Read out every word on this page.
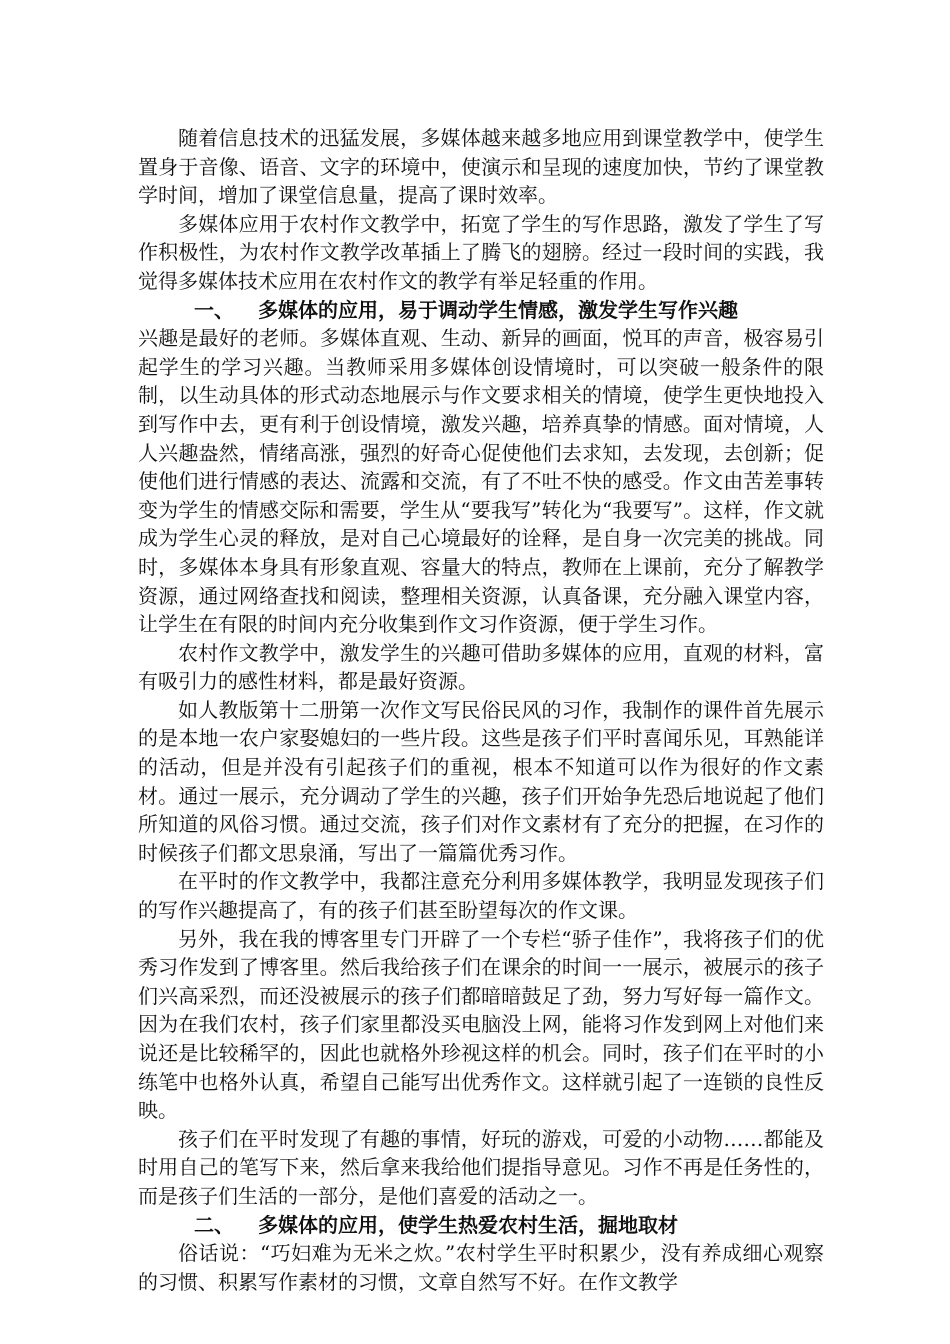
随着信息技术的迅猛发展，多媒体越来越多地应用到课堂教学中，使学生置身于音像、语音、文字的环境中，使演示和呈现的速度加快，节约了课堂教学时间，增加了课堂信息量，提高了课时效率。

多媒体应用于农村作文教学中，拓宽了学生的写作思路，激发了学生了写作积极性，为农村作文教学改革插上了腾飞的翅膀。经过一段时间的实践，我觉得多媒体技术应用在农村作文的教学有举足轻重的作用。

一、 多媒体的应用，易于调动学生情感，激发学生写作兴趣

兴趣是最好的老师。多媒体直观、生动、新异的画面，悦耳的声音，极容易引起学生的学习兴趣。当教师采用多媒体创设情境时，可以突破一般条件的限制，以生动具体的形式动态地展示与作文要求相关的情境，使学生更快地投入到写作中去，更有利于创设情境，激发兴趣，培养真挚的情感。面对情境，人人兴趣盎然，情绪高涨，强烈的好奇心促使他们去求知，去发现，去创新；促使他们进行情感的表达、流露和交流，有了不吐不快的感受。作文由苦差事转变为学生的情感交际和需要，学生从“要我写”转化为“我要写”。这样，作文就成为学生心灵的释放，是对自己心境最好的诠释，是自身一次完美的挑战。同时，多媒体本身具有形象直观、容量大的特点，教师在上课前，充分了解教学资源，通过网络查找和阅读，整理相关资源，认真备课，充分融入课堂内容，让学生在有限的时间内充分收集到作文习作资源，便于学生习作。

农村作文教学中，激发学生的兴趣可借助多媒体的应用，直观的材料，富有吸引力的感性材料，都是最好资源。

如人教版第十二册第一次作文写民俗民风的习作，我制作的课件首先展示的是本地一农户家娶媳妇的一些片段。这些是孩子们平时喜闻乐见，耳熟能详的活动，但是并没有引起孩子们的重视，根本不知道可以作为很好的作文素材。通过一展示，充分调动了学生的兴趣，孩子们开始争先恐后地说起了他们所知道的风俗习惯。通过交流，孩子们对作文素材有了充分的把握，在习作的时候孩子们都文思泉涌，写出了一篇篇优秀习作。

在平时的作文教学中，我都注意充分利用多媒体教学，我明显发现孩子们的写作兴趣提高了，有的孩子们甚至盼望每次的作文课。

另外，我在我的博客里专门开辟了一个专栏“骄子佳作”，我将孩子们的优秀习作发到了博客里。然后我给孩子们在课余的时间一一展示，被展示的孩子们兴高采烈，而还没被展示的孩子们都暗暗鼓足了劲，努力写好每一篇作文。因为在我们农村，孩子们家里都没买电脑没上网，能将习作发到网上对他们来说还是比较稀罕的，因此也就格外珍视这样的机会。同时，孩子们在平时的小练笔中也格外认真，希望自己能写出优秀作文。这样就引起了一连锁的良性反映。

孩子们在平时发现了有趣的事情，好玩的游戏，可爱的小动物……都能及时用自己的笔写下来，然后拿来我给他们提指导意见。习作不再是任务性的，而是孩子们生活的一部分，是他们喜爱的活动之一。

二、 多媒体的应用，使学生热爱农村生活，掘地取材

俗话说：“巧妇难为无米之炊。”农村学生平时积累少，没有养成细心观察的习惯、积累写作素材的习惯，文章自然写不好。在作文教学
